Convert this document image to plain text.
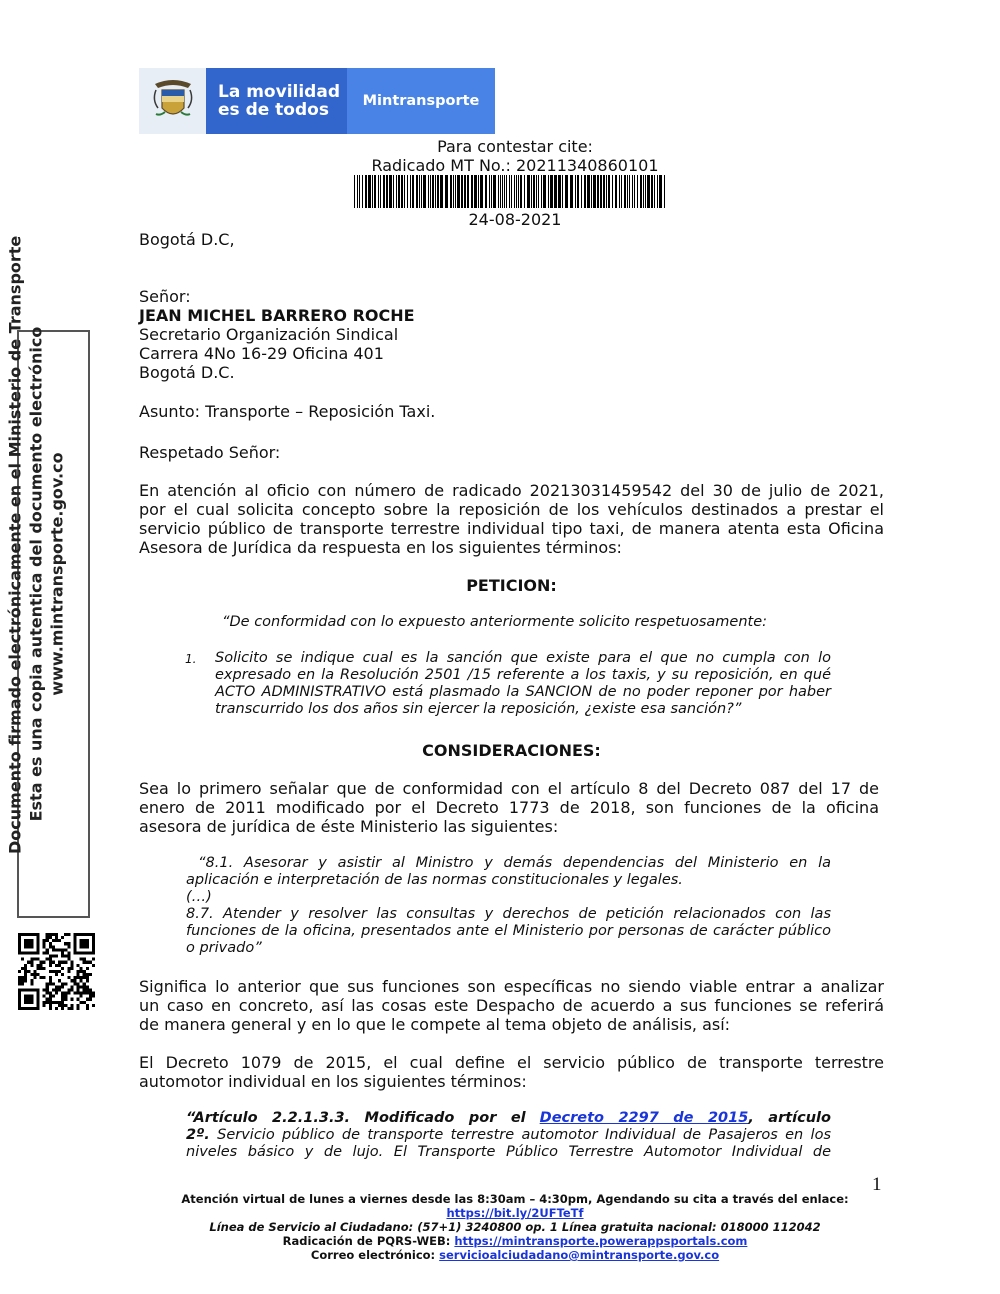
La movilidad
es de todos	Mintransporte
Para contestar cite:
Radicado MT No.: 20211340860101
24-08-2021
Bogotá D.C,
Señor:
JEAN MICHEL BARRERO ROCHE
Secretario Organización Sindical
Carrera 4No 16-29 Oficina 401
Bogotá D.C.
Asunto: Transporte – Reposición Taxi.
Respetado Señor:
En atención al oficio con número de radicado 20213031459542 del 30 de julio de 2021,
por el cual solicita concepto sobre la reposición de los vehículos destinados a prestar el
servicio público de transporte terrestre individual tipo taxi, de manera atenta esta Oficina
Asesora de Jurídica da respuesta en los siguientes términos:
PETICION:
“De conformidad con lo expuesto anteriormente solicito respetuosamente:
1. Solicito se indique cual es la sanción que existe para el que no cumpla con lo
expresado en la Resolución 2501 /15 referente a los taxis, y su reposición, en qué
ACTO ADMINISTRATIVO está plasmado la SANCION de no poder reponer por haber
transcurrido los dos años sin ejercer la reposición, ¿existe esa sanción?”
CONSIDERACIONES:
Sea lo primero señalar que de conformidad con el artículo 8 del Decreto 087 del 17 de
enero de 2011 modificado por el Decreto 1773 de 2018, son funciones de la oficina
asesora de jurídica de éste Ministerio las siguientes:
“8.1. Asesorar y asistir al Ministro y demás dependencias del Ministerio en la
aplicación e interpretación de las normas constitucionales y legales.
(…)
8.7. Atender y resolver las consultas y derechos de petición relacionados con las
funciones de la oficina, presentados ante el Ministerio por personas de carácter público
o privado”
Significa lo anterior que sus funciones son específicas no siendo viable entrar a analizar
un caso en concreto, así las cosas este Despacho de acuerdo a sus funciones se referirá
de manera general y en lo que le compete al tema objeto de análisis, así:
El Decreto 1079 de 2015, el cual define el servicio público de transporte terrestre
automotor individual en los siguientes términos:
“Artículo 2.2.1.3.3. Modificado por el Decreto 2297 de 2015, artículo
2º. Servicio público de transporte terrestre automotor Individual de Pasajeros en los
niveles básico y de lujo. El Transporte Público Terrestre Automotor Individual de
Documento firmado electrónicamente en el Ministerio de Transporte Esta es una copia autentica del documento electrónico www.mintransporte.gov.co
1
Atención virtual de lunes a viernes desde las 8:30am – 4:30pm, Agendando su cita a través del enlace:
https://bit.ly/2UFTeTf
Línea de Servicio al Ciudadano: (57+1) 3240800 op. 1 Línea gratuita nacional: 018000 112042
Radicación de PQRS-WEB: https://mintransporte.powerappsportals.com
Correo electrónico: servicioalciudadano@mintransporte.gov.co
